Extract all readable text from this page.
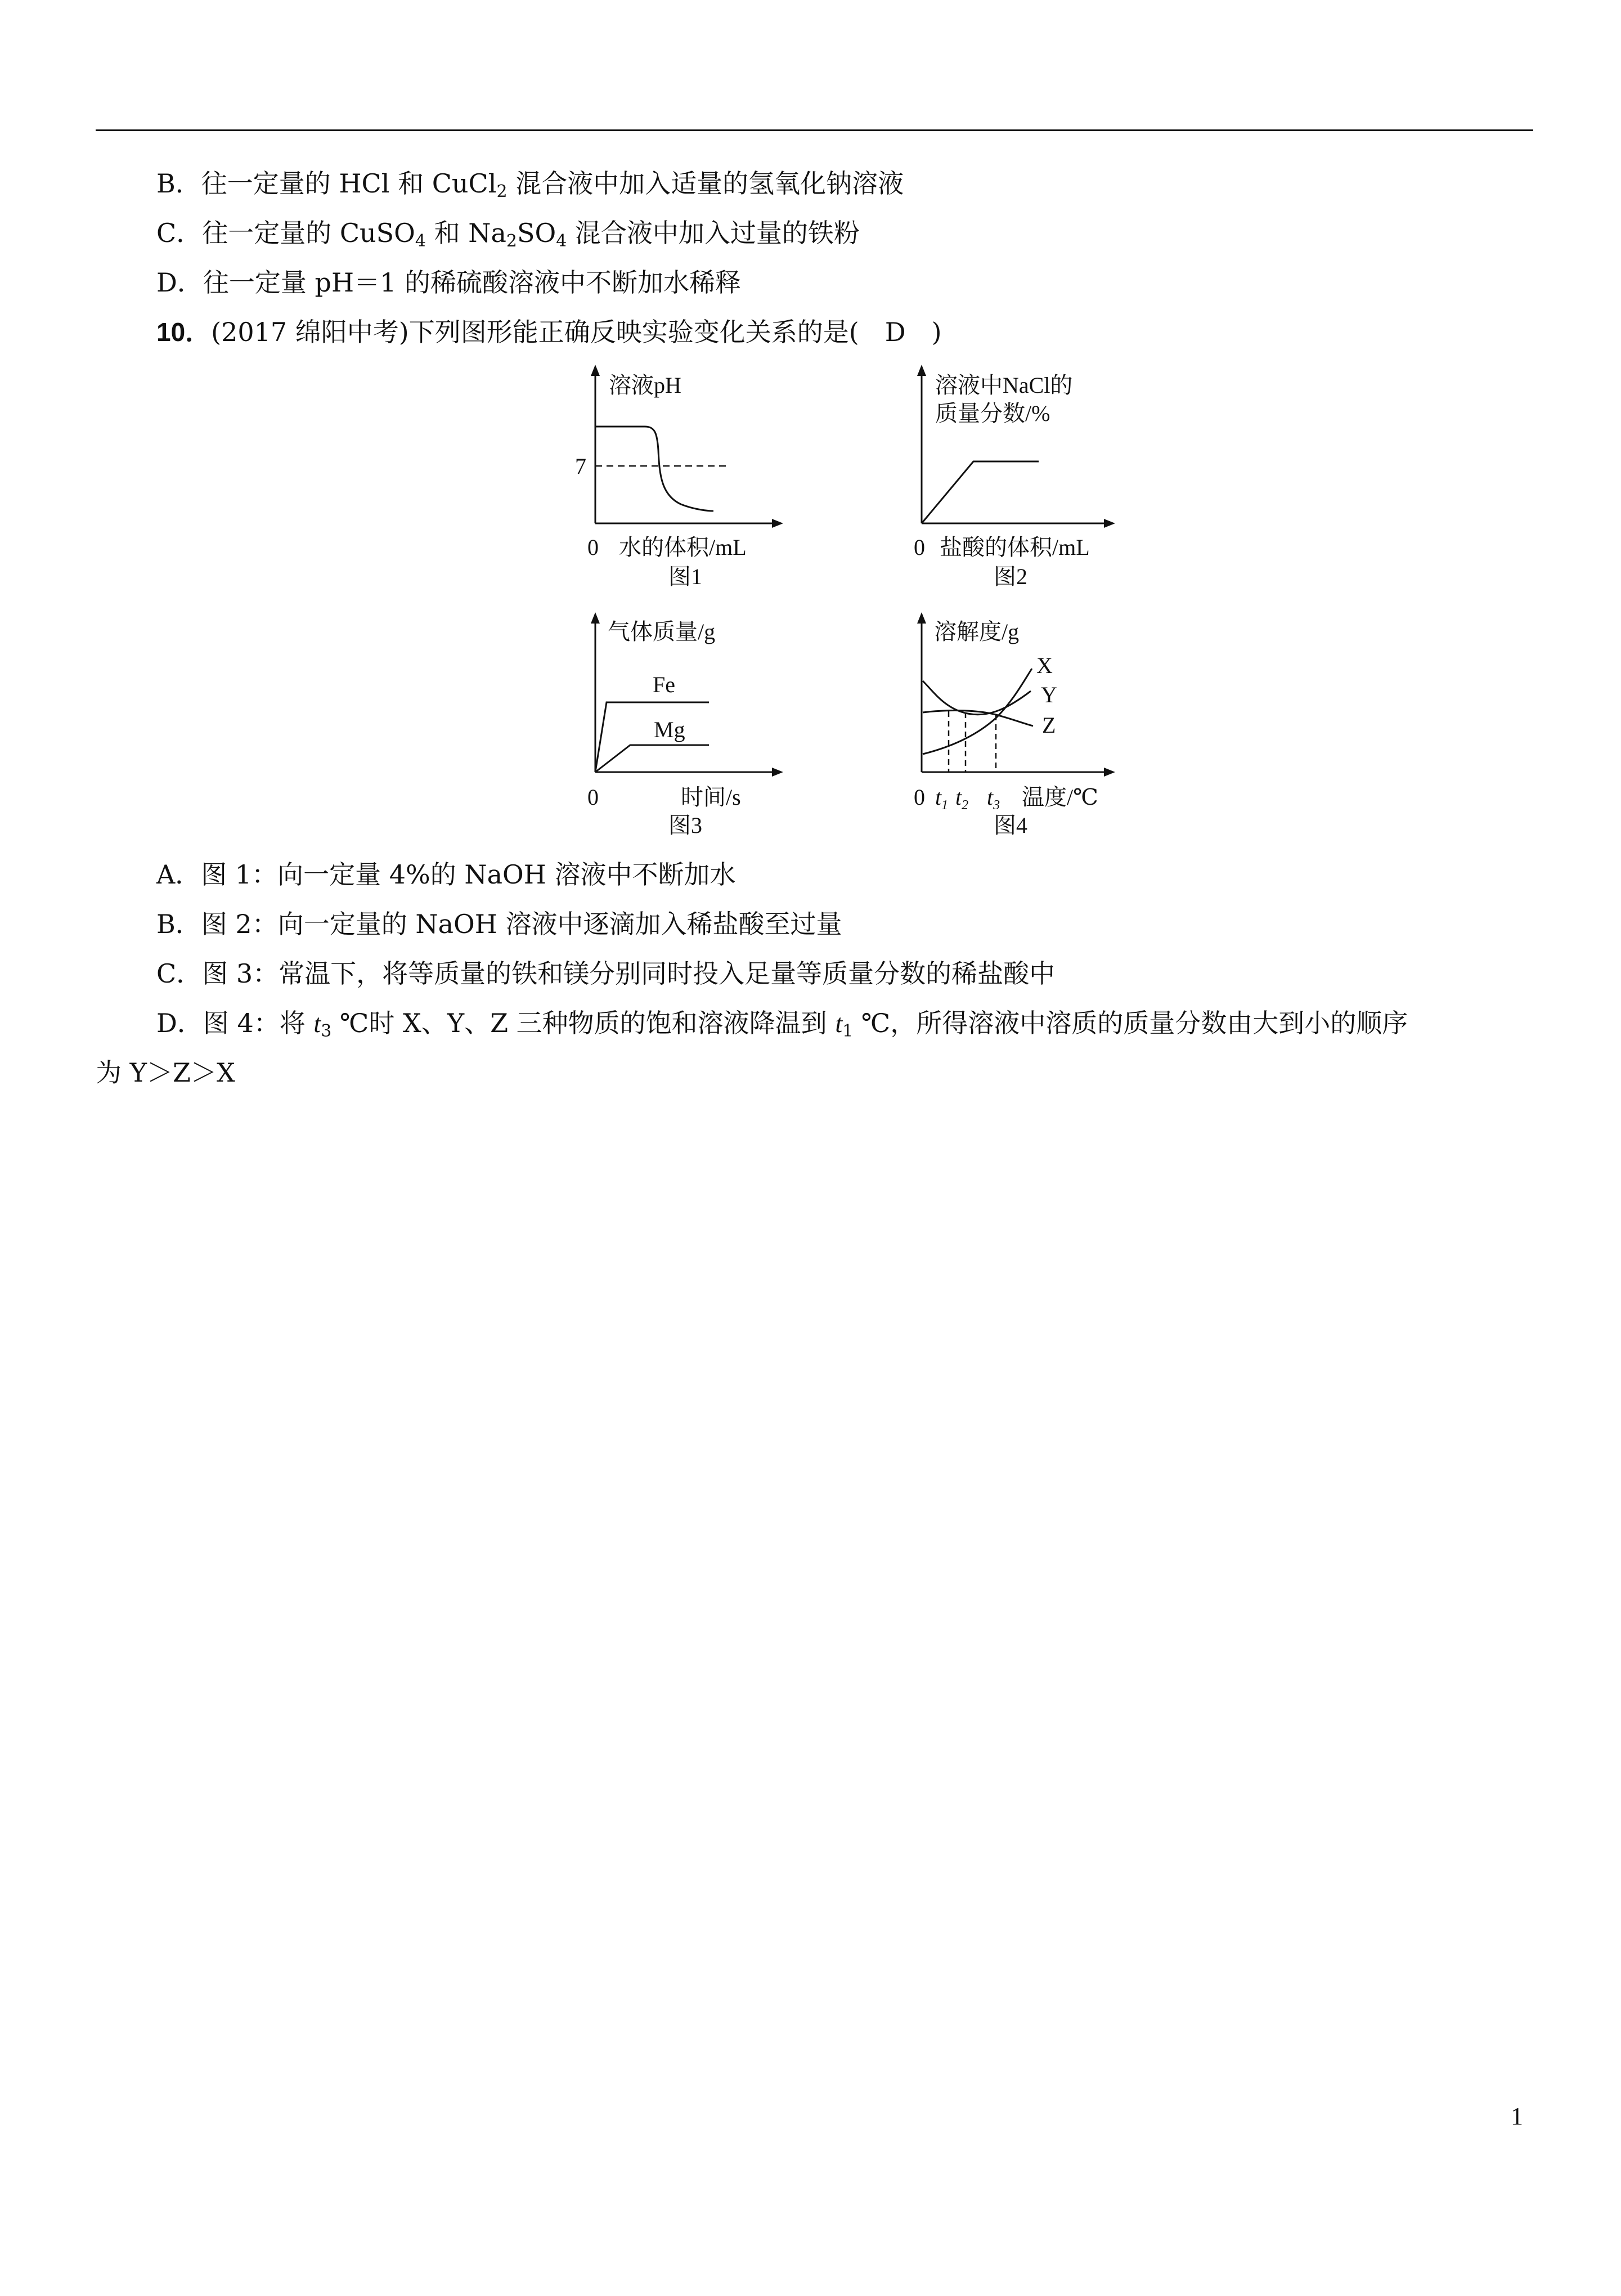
B．往一定量的 HCl 和 CuCl$_2$ 混合液中加入适量的氢氧化钠溶液
C．往一定量的 CuSO$_4$ 和 $Na_2SO_4$ 混合液中加入过量的铁粉
D．往一定量 pH＝1 的稀硫酸溶液中不断加水稀释
10．(2017 绵阳中考)下列图形能正确反映实验变化关系的是(　D　)
溶液pH
7
0 水的体积/mL
图1
溶液中NaCl的
质量分数/%
0 盐酸的体积/mL
图2
气体质量/g
Fe
Mg
0	时间/s
图3
溶解度/g
X
Y
Z
0 $t_1$ $t_2$ $t_3$ 温度/℃
图4
A．图 1：向一定量 4%的 NaOH 溶液中不断加水
B．图 2：向一定量的 NaOH 溶液中逐滴加入稀盐酸至过量
C．图 3：常温下，将等质量的铁和镁分别同时投入足量等质量分数的稀盐酸中
D．图 4：将 $t_3$ ℃时 X、Y、Z 三种物质的饱和溶液降温到 $t_1$ ℃，所得溶液中溶质的质量分数由大到小的顺序
为 Y＞Z＞X
1
